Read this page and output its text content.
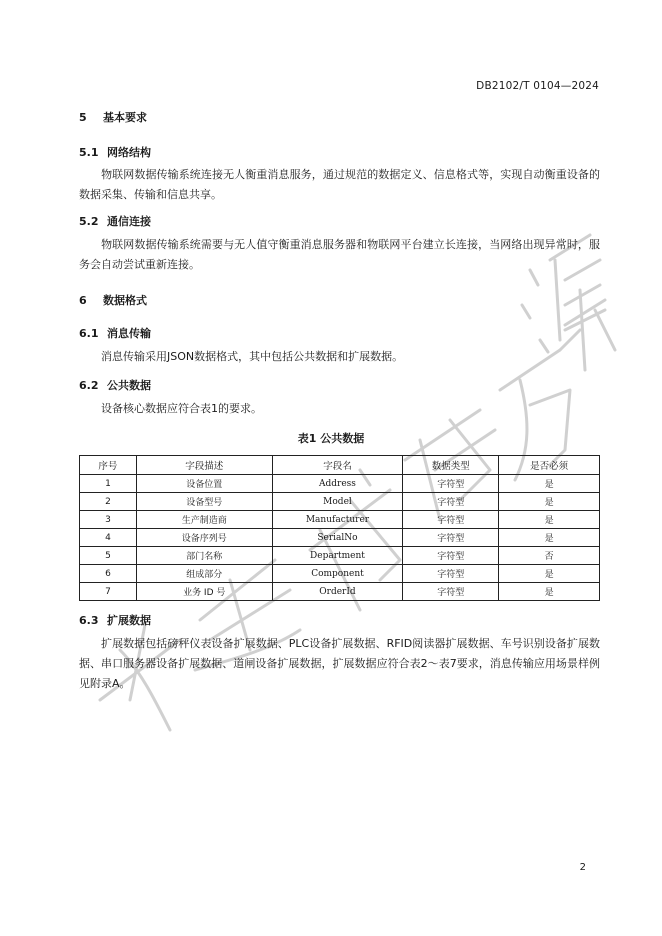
DB2102/T 0104—2024
5 基本要求
5.1 网络结构
物联网数据传输系统连接无人衡重消息服务，通过规范的数据定义、信息格式等，实现自动衡重设备的数据采集、传输和信息共享。
5.2 通信连接
物联网数据传输系统需要与无人值守衡重消息服务器和物联网平台建立长连接，当网络出现异常时，服务会自动尝试重新连接。
6 数据格式
6.1 消息传输
消息传输采用JSON数据格式，其中包括公共数据和扩展数据。
6.2 公共数据
设备核心数据应符合表1的要求。
表1 公共数据
序号	字段描述	字段名	数据类型	是否必须
1	设备位置	Address	字符型	是
2	设备型号	Model	字符型	是
3	生产制造商	Manufacturer	字符型	是
4	设备序列号	SerialNo	字符型	是
5	部门名称	Department	字符型	否
6	组成部分	Component	字符型	是
7	业务 ID 号	OrderId	字符型	是
6.3 扩展数据
扩展数据包括磅秤仪表设备扩展数据、PLC设备扩展数据、RFID阅读器扩展数据、车号识别设备扩展数据、串口服务器设备扩展数据、道闸设备扩展数据，扩展数据应符合表2～表7要求，消息传输应用场景样例见附录A。
2
